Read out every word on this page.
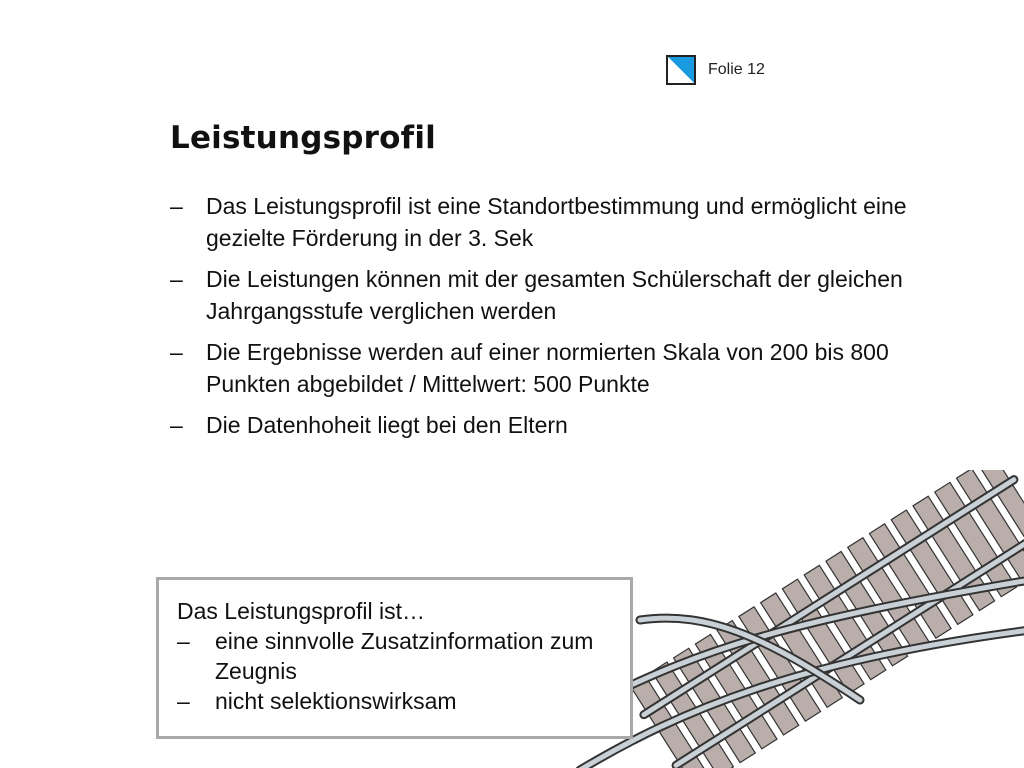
Folie 12
Leistungsprofil
–	Das Leistungsprofil ist eine Standortbestimmung und ermöglicht eine gezielte Förderung in der 3. Sek
–	Die Leistungen können mit der gesamten Schülerschaft der gleichen Jahrgangsstufe verglichen werden
–	Die Ergebnisse werden auf einer normierten Skala von 200 bis 800 Punkten abgebildet / Mittelwert: 500 Punkte
–	Die Datenhoheit liegt bei den Eltern
Das Leistungsprofil ist…
–	eine sinnvolle Zusatzinformation zum Zeugnis
–	nicht selektionswirksam
